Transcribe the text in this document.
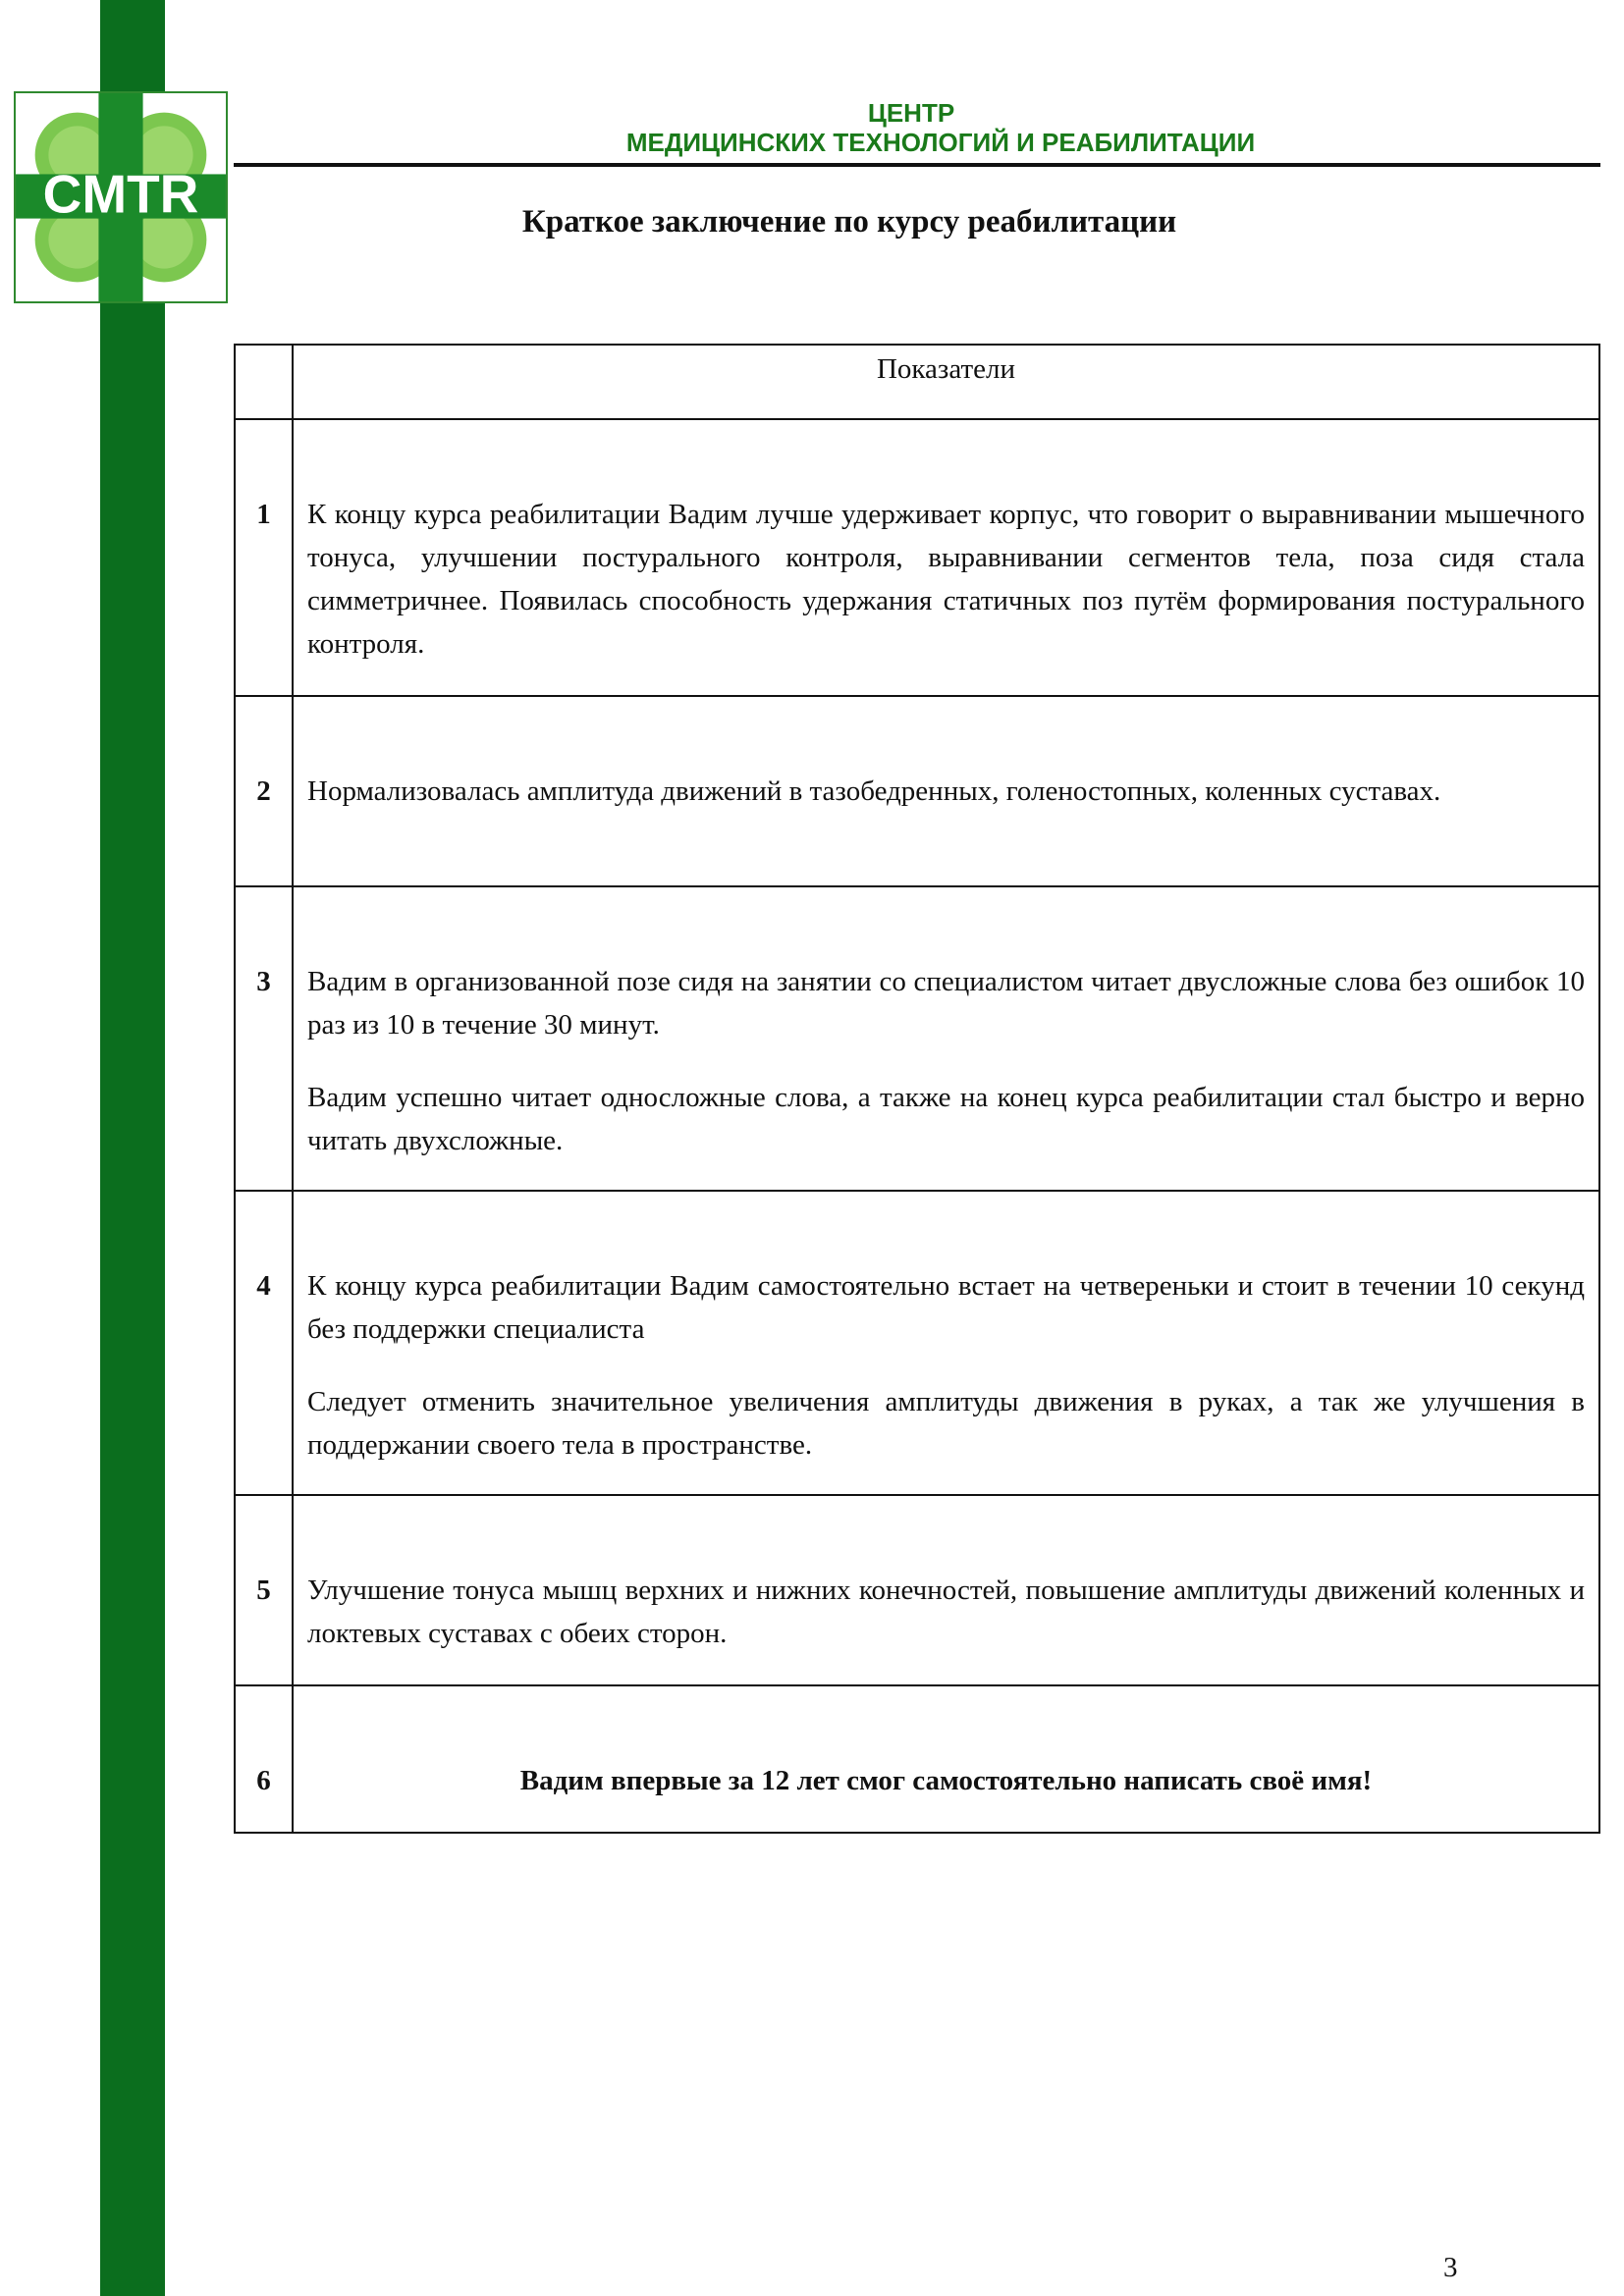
CMTR
ЦЕНТР
МЕДИЦИНСКИХ ТЕХНОЛОГИЙ И РЕАБИЛИТАЦИИ
Краткое заключение по курсу реабилитации
	Показатели
1	К концу курса реабилитации Вадим лучше удерживает корпус, что говорит о выравнивании мышечного тонуса, улучшении постурального контроля, выравнивании сегментов тела, поза сидя стала симметричнее. Появилась способность удержания статичных поз путём формирования постурального контроля.

2	Нормализовалась амплитуда движений в тазобедренных, голеностопных, коленных суставах.

3	Вадим в организованной позе сидя на занятии со специалистом читает двусложные слова без ошибок 10 раз из 10 в течение 30 минут.

Вадим успешно читает односложные слова, а также на конец курса реабилитации стал быстро и верно читать двухсложные.

4	К концу курса реабилитации Вадим самостоятельно встает на четвереньки и стоит в течении 10 секунд без поддержки специалиста

Следует отменить значительное увеличения амплитуды движения в руках, а так же улучшения в поддержании своего тела в пространстве.

5	Улучшение тонуса мышц верхних и нижних конечностей, повышение амплитуды движений коленных и локтевых суставах с обеих сторон.

6	Вадим впервые за 12 лет смог самостоятельно написать своё имя!

3
